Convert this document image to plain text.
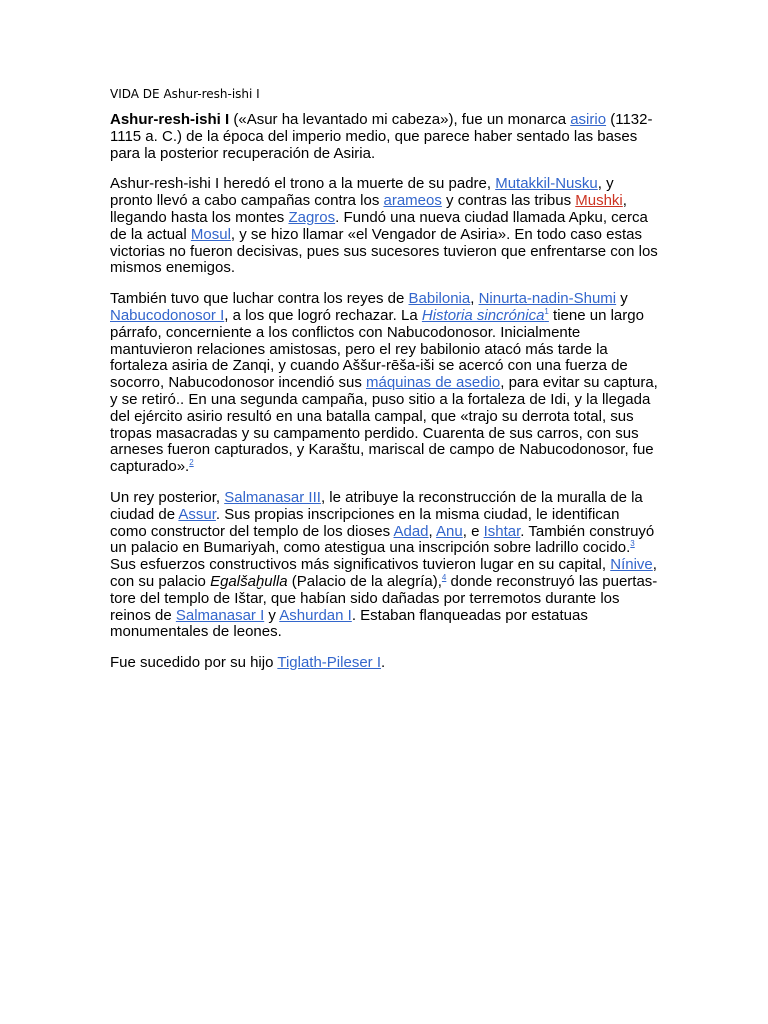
VIDA DE Ashur-resh-ishi I

Ashur-resh-ishi I («Asur ha levantado mi cabeza»), fue un monarca asirio (1132-1115 a. C.) de la época del imperio medio, que parece haber sentado las bases para la posterior recuperación de Asiria.

Ashur-resh-ishi I heredó el trono a la muerte de su padre, Mutakkil-Nusku, y pronto llevó a cabo campañas contra los arameos y contras las tribus Mushki, llegando hasta los montes Zagros. Fundó una nueva ciudad llamada Apku, cerca de la actual Mosul, y se hizo llamar «el Vengador de Asiria». En todo caso estas victorias no fueron decisivas, pues sus sucesores tuvieron que enfrentarse con los mismos enemigos.

También tuvo que luchar contra los reyes de Babilonia, Ninurta-nadin-Shumi y Nabucodonosor I, a los que logró rechazar. La Historia sincrónica$^1$ tiene un largo párrafo, concerniente a los conflictos con Nabucodonosor. Inicialmente mantuvieron relaciones amistosas, pero el rey babilonio atacó más tarde la fortaleza asiria de Zanqi, y cuando Aššur-rēša-iši se acercó con una fuerza de socorro, Nabucodonosor incendió sus máquinas de asedio, para evitar su captura, y se retiró.. En una segunda campaña, puso sitio a la fortaleza de Idi, y la llegada del ejército asirio resultó en una batalla campal, que «trajo su derrota total, sus tropas masacradas y su campamento perdido. Cuarenta de sus carros, con sus arneses fueron capturados, y Karaštu, mariscal de campo de Nabucodonosor, fue capturado».$^2$

Un rey posterior, Salmanasar III, le atribuye la reconstrucción de la muralla de la ciudad de Assur. Sus propias inscripciones en la misma ciudad, le identifican como constructor del templo de los dioses Adad, Anu, e Ishtar. También construyó un palacio en Bumariyah, como atestigua una inscripción sobre ladrillo cocido.$^3$ Sus esfuerzos constructivos más significativos tuvieron lugar en su capital, Nínive, con su palacio Egalšaḫulla (Palacio de la alegría),$^4$ donde reconstruyó las puertas-tore del templo de Ištar, que habían sido dañadas por terremotos durante los reinos de Salmanasar I y Ashurdan I. Estaban flanqueadas por estatuas monumentales de leones.

Fue sucedido por su hijo Tiglath-Pileser I.
